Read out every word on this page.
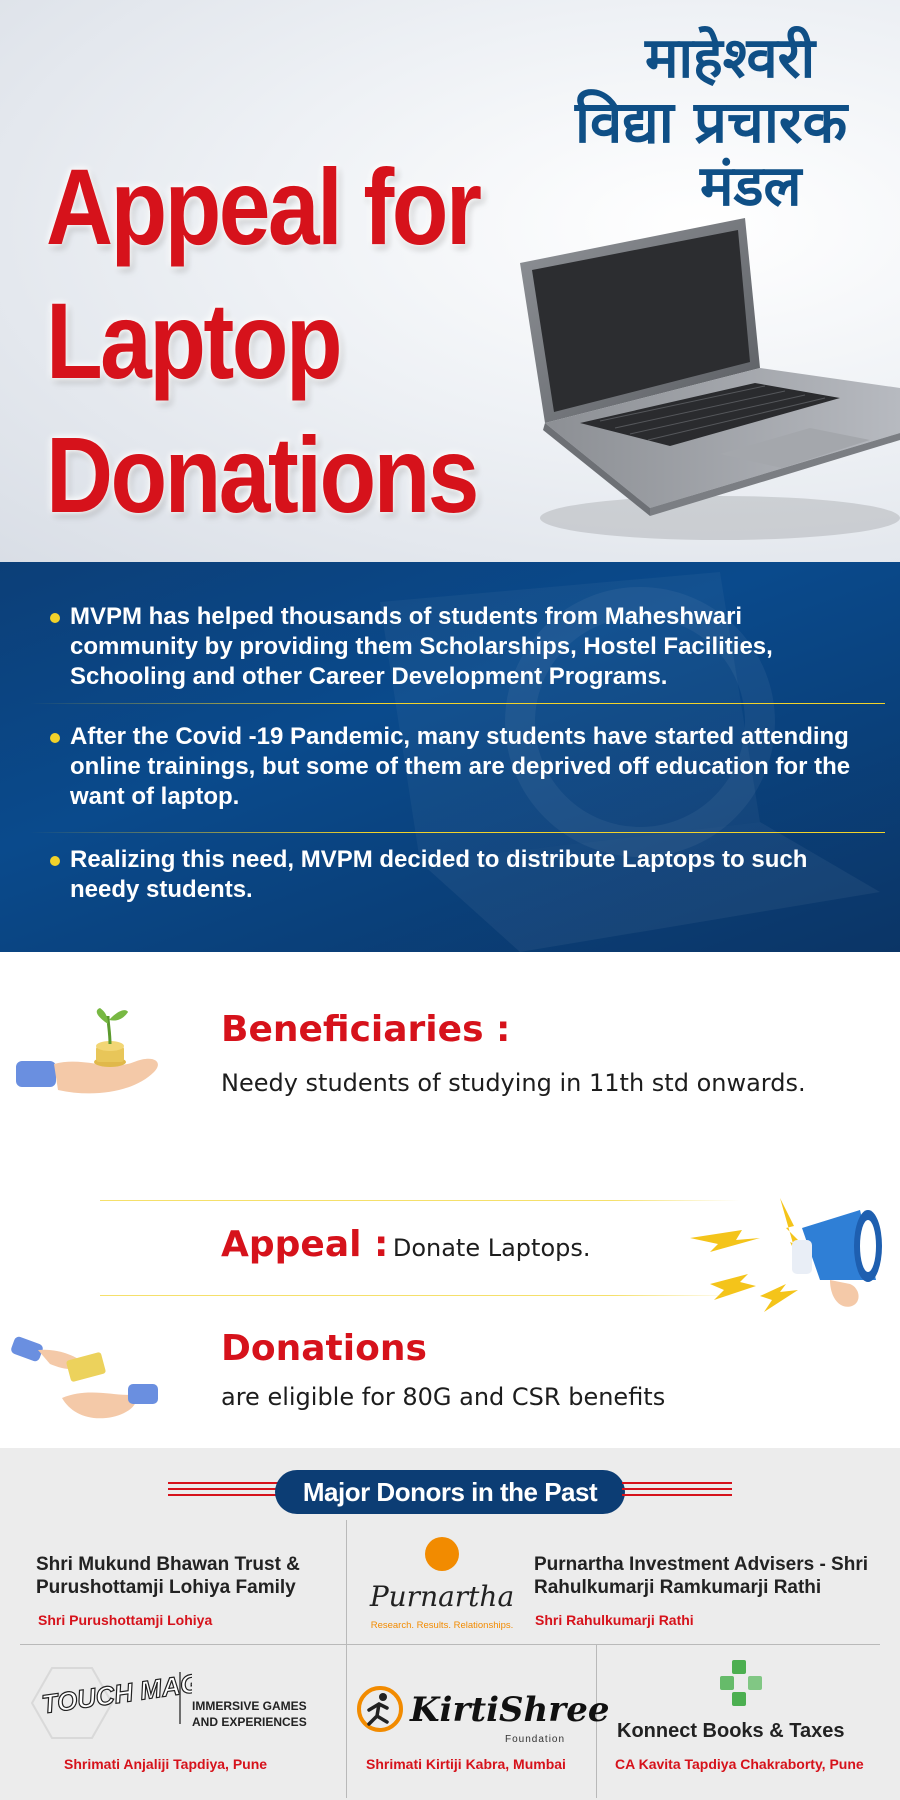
Appeal for
Laptop
Donations
माहेश्वरी
विद्या प्रचारक
मंडल
MVPM has helped thousands of students from Maheshwari community by providing them Scholarships, Hostel Facilities, Schooling and other Career Development Programs.
After the Covid -19 Pandemic, many students have started attending online trainings, but some of them are deprived off education for the want of laptop.
Realizing this need, MVPM decided to distribute Laptops to such needy students.
Beneficiaries :

Needy students of studying in 11th std onwards.

Appeal : Donate Laptops.
Donations

are eligible for 80G and CSR benefits

Major Donors in the Past
Shri Mukund Bhawan Trust & Purushottamji Lohiya Family
Shri Purushottamji Lohiya
Purnartha
Research. Results. Relationships.
Purnartha Investment Advisers - Shri Rahulkumarji Ramkumarji Rathi
Shri Rahulkumarji Rathi
TOUCH MAGIX
IMMERSIVE GAMES AND EXPERIENCES
Shrimati Anjaliji Tapdiya, Pune
KirtiShree
Foundation
Shrimati Kirtiji Kabra, Mumbai
Konnect Books & Taxes
CA Kavita Tapdiya Chakraborty, Pune
